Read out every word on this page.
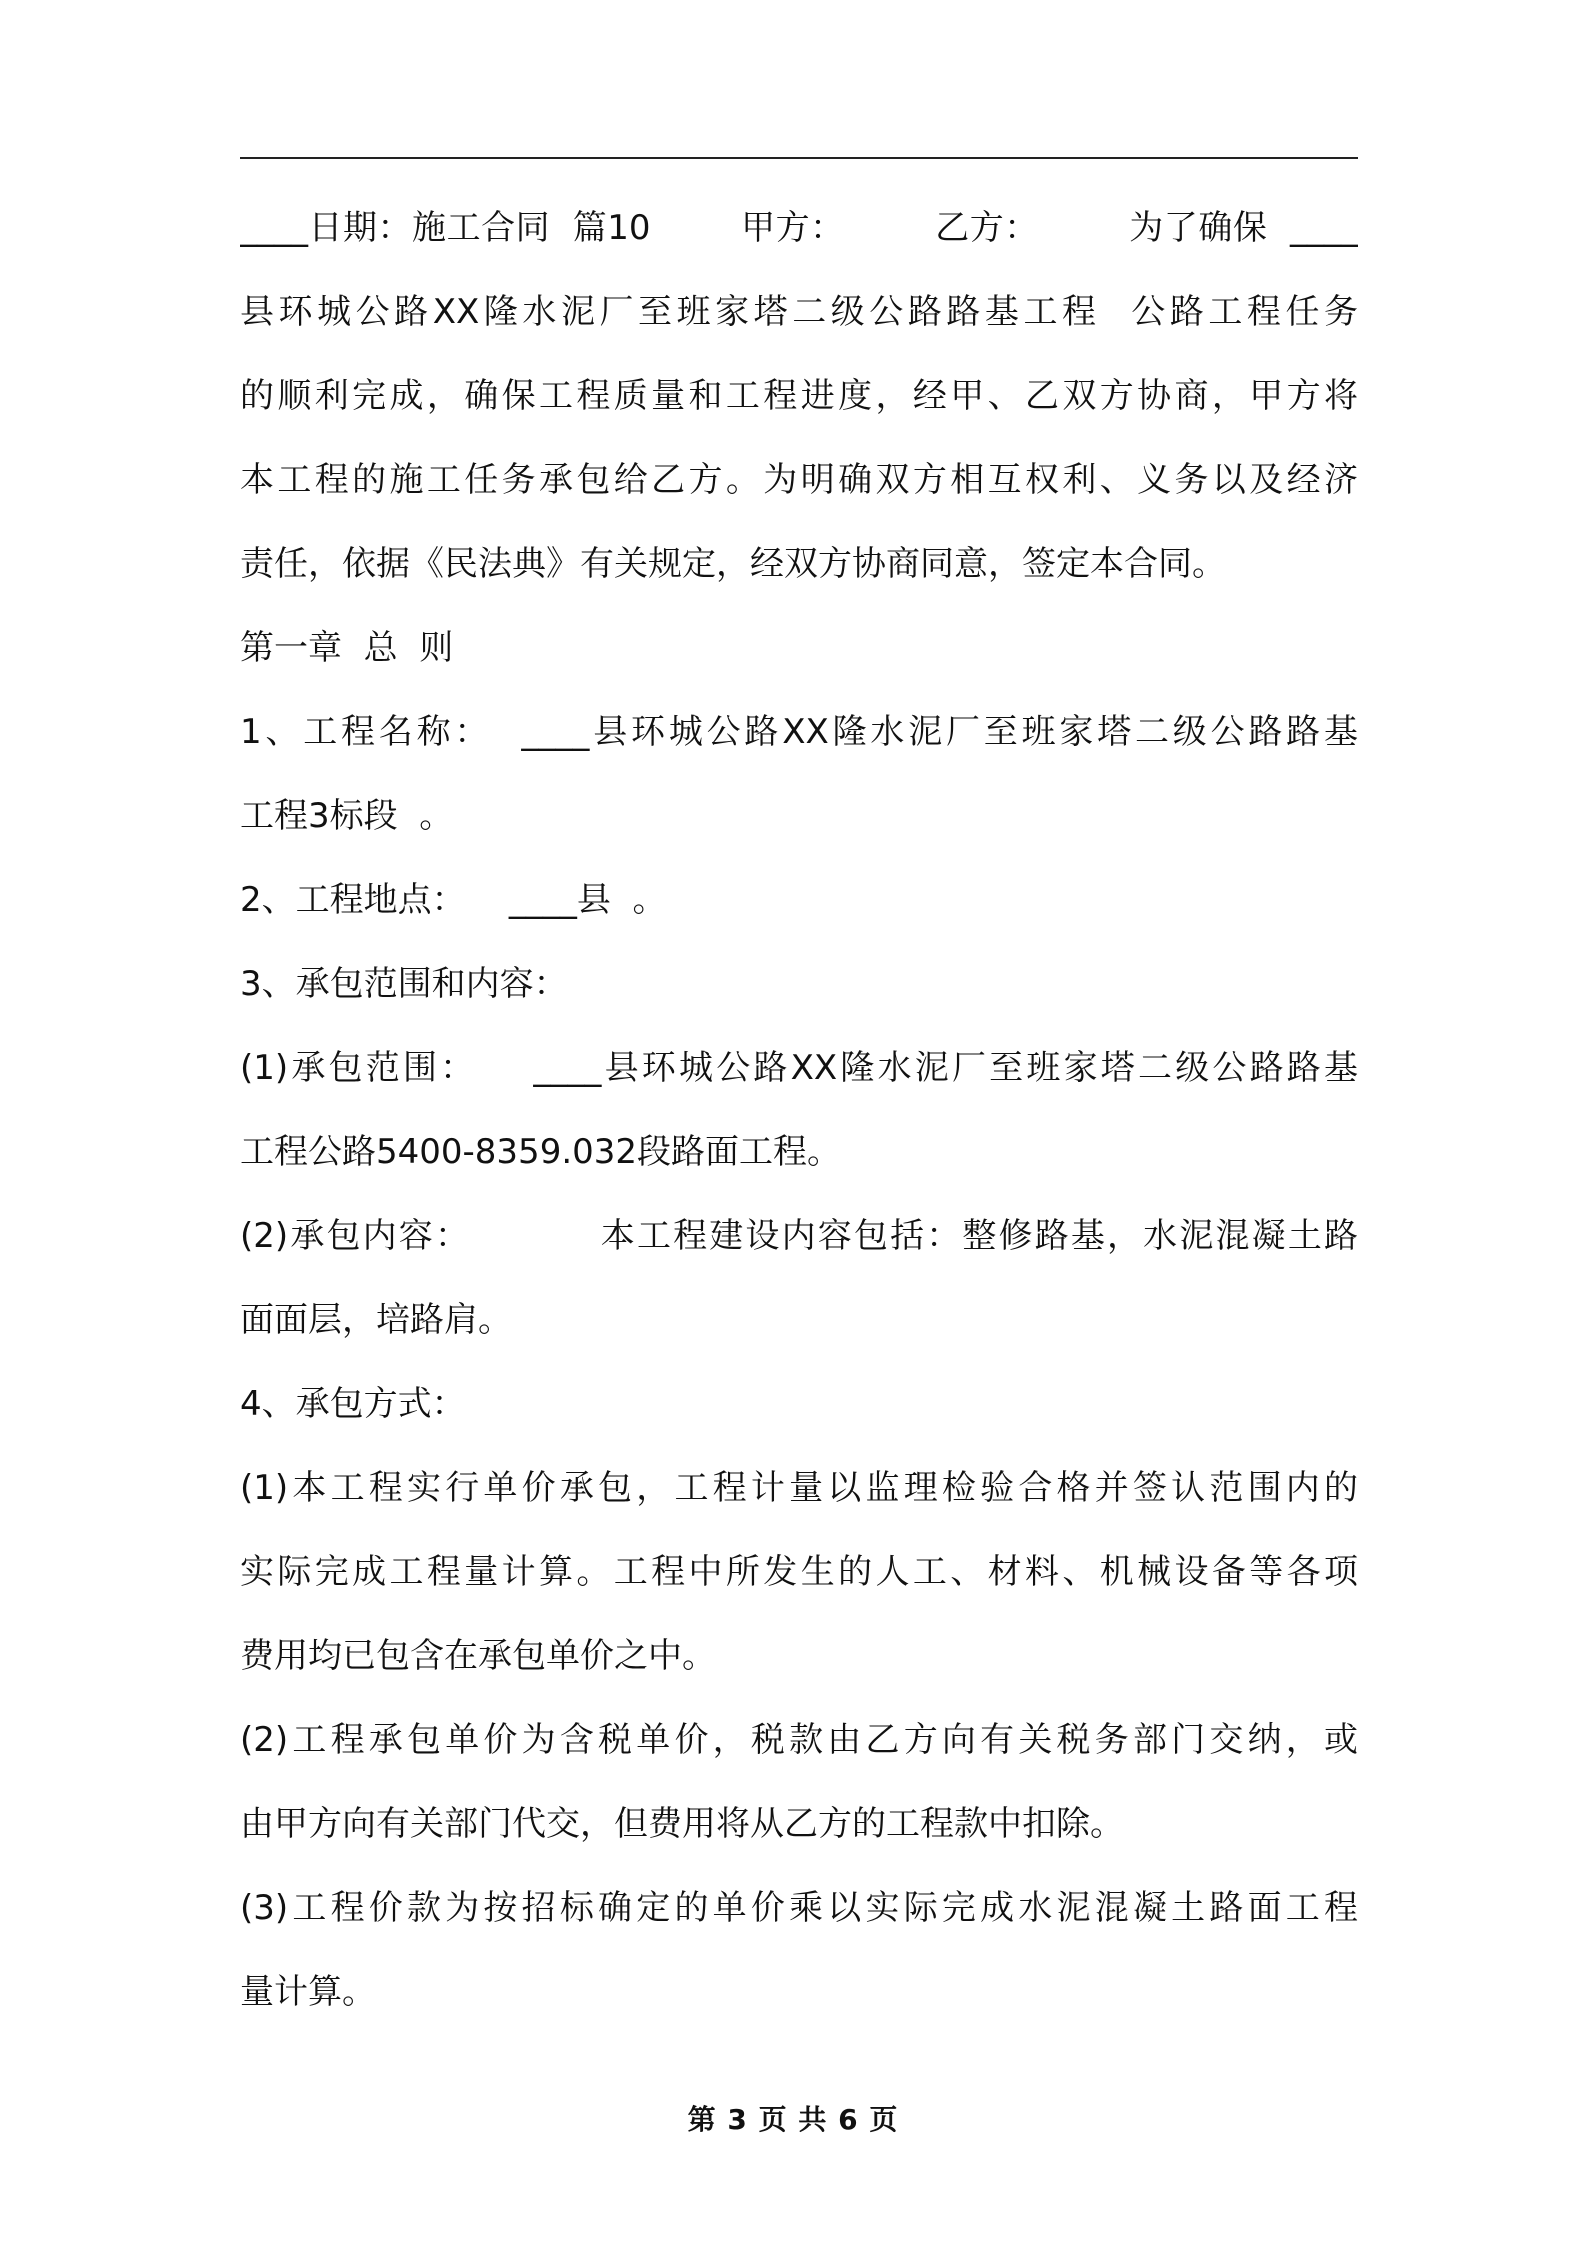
____日期：施工合同  篇10        甲方：        乙方：        为了确保  ____
县环城公路XX隆水泥厂至班家塔二级公路路基工程  公路工程任务
的顺利完成，确保工程质量和工程进度，经甲、乙双方协商，甲方将
本工程的施工任务承包给乙方。为明确双方相互权利、义务以及经济
责任，依据《民法典》有关规定，经双方协商同意，签定本合同。
第一章  总  则
1、工程名称：  ____县环城公路XX隆水泥厂至班家塔二级公路路基
工程3标段  。
2、工程地点：    ____县  。
3、承包范围和内容：
(1)承包范围：    ____县环城公路XX隆水泥厂至班家塔二级公路路基
工程公路5400-8359.032段路面工程。
(2)承包内容：          本工程建设内容包括：整修路基，水泥混凝土路
面面层，培路肩。
4、承包方式：
(1)本工程实行单价承包，工程计量以监理检验合格并签认范围内的
实际完成工程量计算。工程中所发生的人工、材料、机械设备等各项
费用均已包含在承包单价之中。
(2)工程承包单价为含税单价，税款由乙方向有关税务部门交纳，或
由甲方向有关部门代交，但费用将从乙方的工程款中扣除。
(3)工程价款为按招标确定的单价乘以实际完成水泥混凝土路面工程
量计算。
第 3 页 共 6 页
